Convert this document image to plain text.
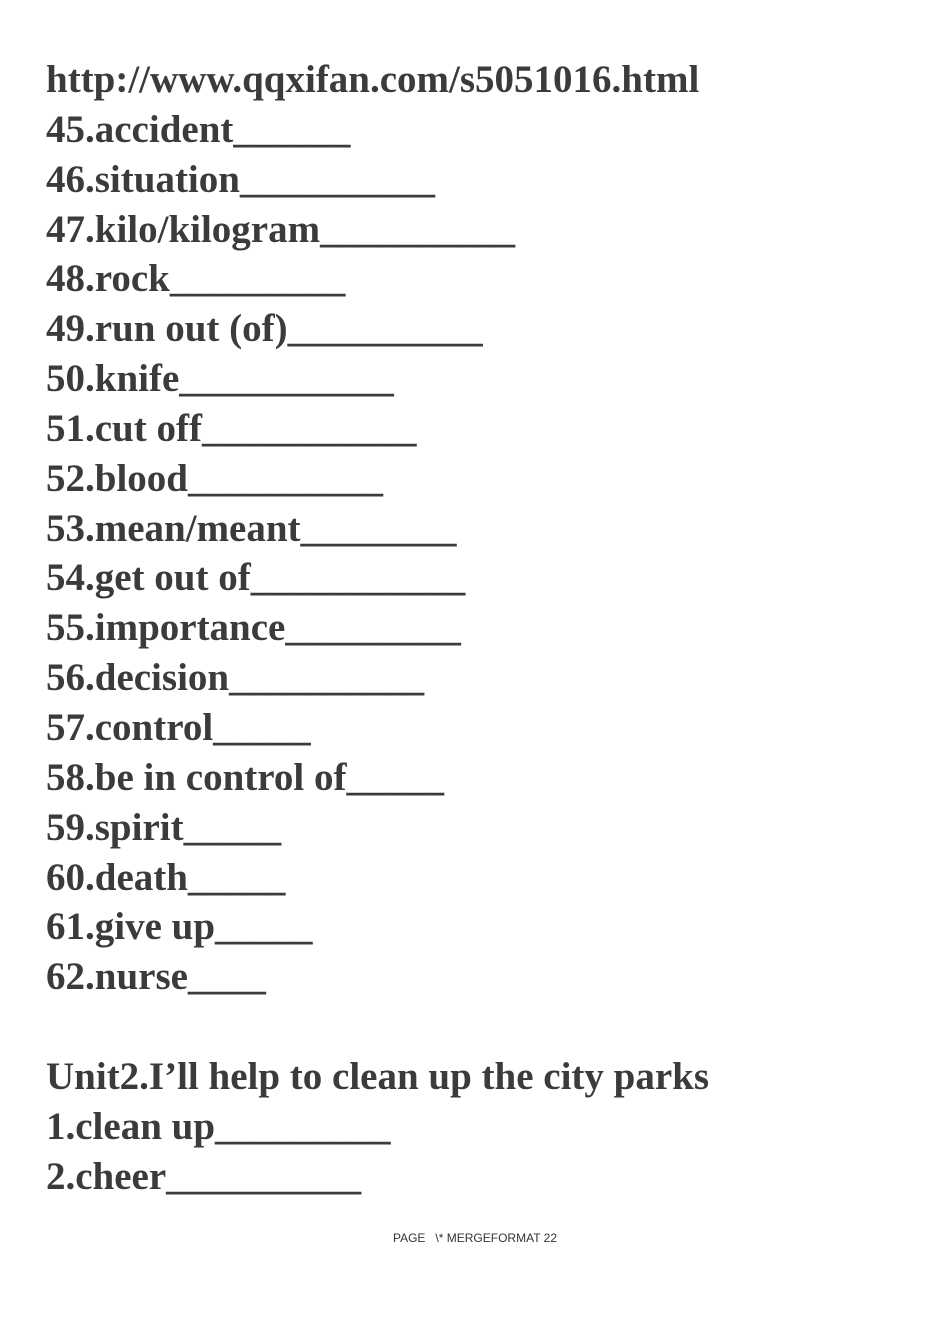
http://www.qqxifan.com/s5051016.html

45.accident______

46.situation__________

47.kilo/kilogram__________

48.rock_________

49.run out (of)__________

50.knife___________

51.cut off___________

52.blood__________

53.mean/meant________

54.get out of___________

55.importance_________

56.decision__________

57.control_____

58.be in control of_____

59.spirit_____

60.death_____

61.give up_____

62.nurse____

Unit2.I’ll help to clean up the city parks

1.clean up_________

2.cheer__________

PAGE   \* MERGEFORMAT 22
